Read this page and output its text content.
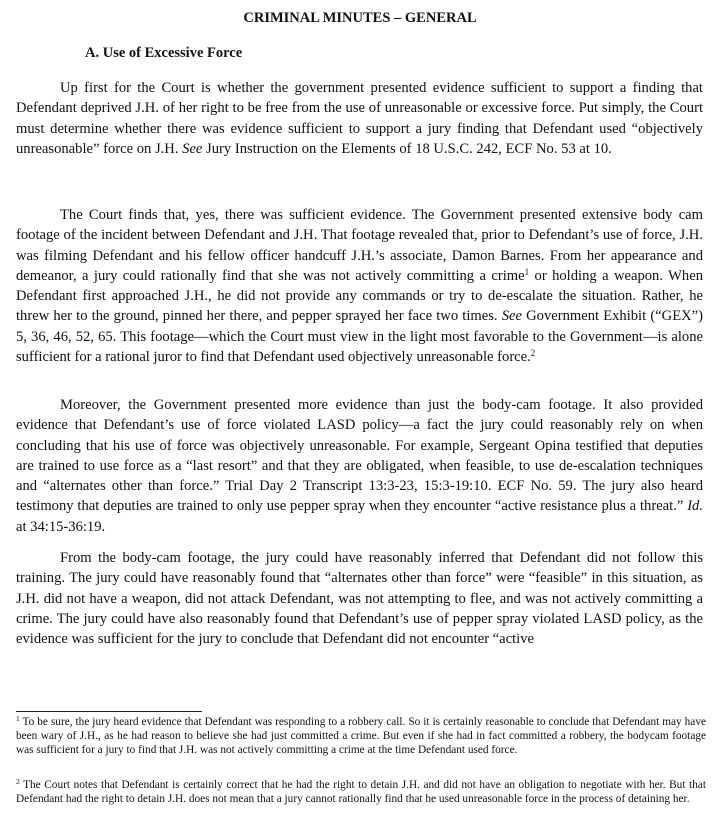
CRIMINAL MINUTES – GENERAL
A. Use of Excessive Force

Up first for the Court is whether the government presented evidence sufficient to support a finding that Defendant deprived J.H. of her right to be free from the use of unreasonable or excessive force. Put simply, the Court must determine whether there was evidence sufficient to support a jury finding that Defendant used “objectively unreasonable” force on J.H. See Jury Instruction on the Elements of 18 U.S.C. 242, ECF No. 53 at 10.

The Court finds that, yes, there was sufficient evidence. The Government presented extensive body cam footage of the incident between Defendant and J.H. That footage revealed that, prior to Defendant’s use of force, J.H. was filming Defendant and his fellow officer handcuff J.H.’s associate, Damon Barnes. From her appearance and demeanor, a jury could rationally find that she was not actively committing a crime$^1$ or holding a weapon. When Defendant first approached J.H., he did not provide any commands or try to de-escalate the situation. Rather, he threw her to the ground, pinned her there, and pepper sprayed her face two times. See Government Exhibit (“GEX”) 5, 36, 46, 52, 65. This footage—which the Court must view in the light most favorable to the Government—is alone sufficient for a rational juror to find that Defendant used objectively unreasonable force.$^2$

Moreover, the Government presented more evidence than just the body-cam footage. It also provided evidence that Defendant’s use of force violated LASD policy—a fact the jury could reasonably rely on when concluding that his use of force was objectively unreasonable. For example, Sergeant Opina testified that deputies are trained to use force as a “last resort” and that they are obligated, when feasible, to use de-escalation techniques and “alternates other than force.” Trial Day 2 Transcript 13:3-23, 15:3-19:10. ECF No. 59. The jury also heard testimony that deputies are trained to only use pepper spray when they encounter “active resistance plus a threat.” Id. at 34:15-36:19.

From the body-cam footage, the jury could have reasonably inferred that Defendant did not follow this training. The jury could have reasonably found that “alternates other than force” were “feasible” in this situation, as J.H. did not have a weapon, did not attack Defendant, was not attempting to flee, and was not actively committing a crime. The jury could have also reasonably found that Defendant’s use of pepper spray violated LASD policy, as the evidence was sufficient for the jury to conclude that Defendant did not encounter “active

$^1$ To be sure, the jury heard evidence that Defendant was responding to a robbery call. So it is certainly reasonable to conclude that Defendant may have been wary of J.H., as he had reason to believe she had just committed a crime. But even if she had in fact committed a robbery, the bodycam footage was sufficient for a jury to find that J.H. was not actively committing a crime at the time Defendant used force.

$^2$ The Court notes that Defendant is certainly correct that he had the right to detain J.H. and did not have an obligation to negotiate with her. But that Defendant had the right to detain J.H. does not mean that a jury cannot rationally find that he used unreasonable force in the process of detaining her.
